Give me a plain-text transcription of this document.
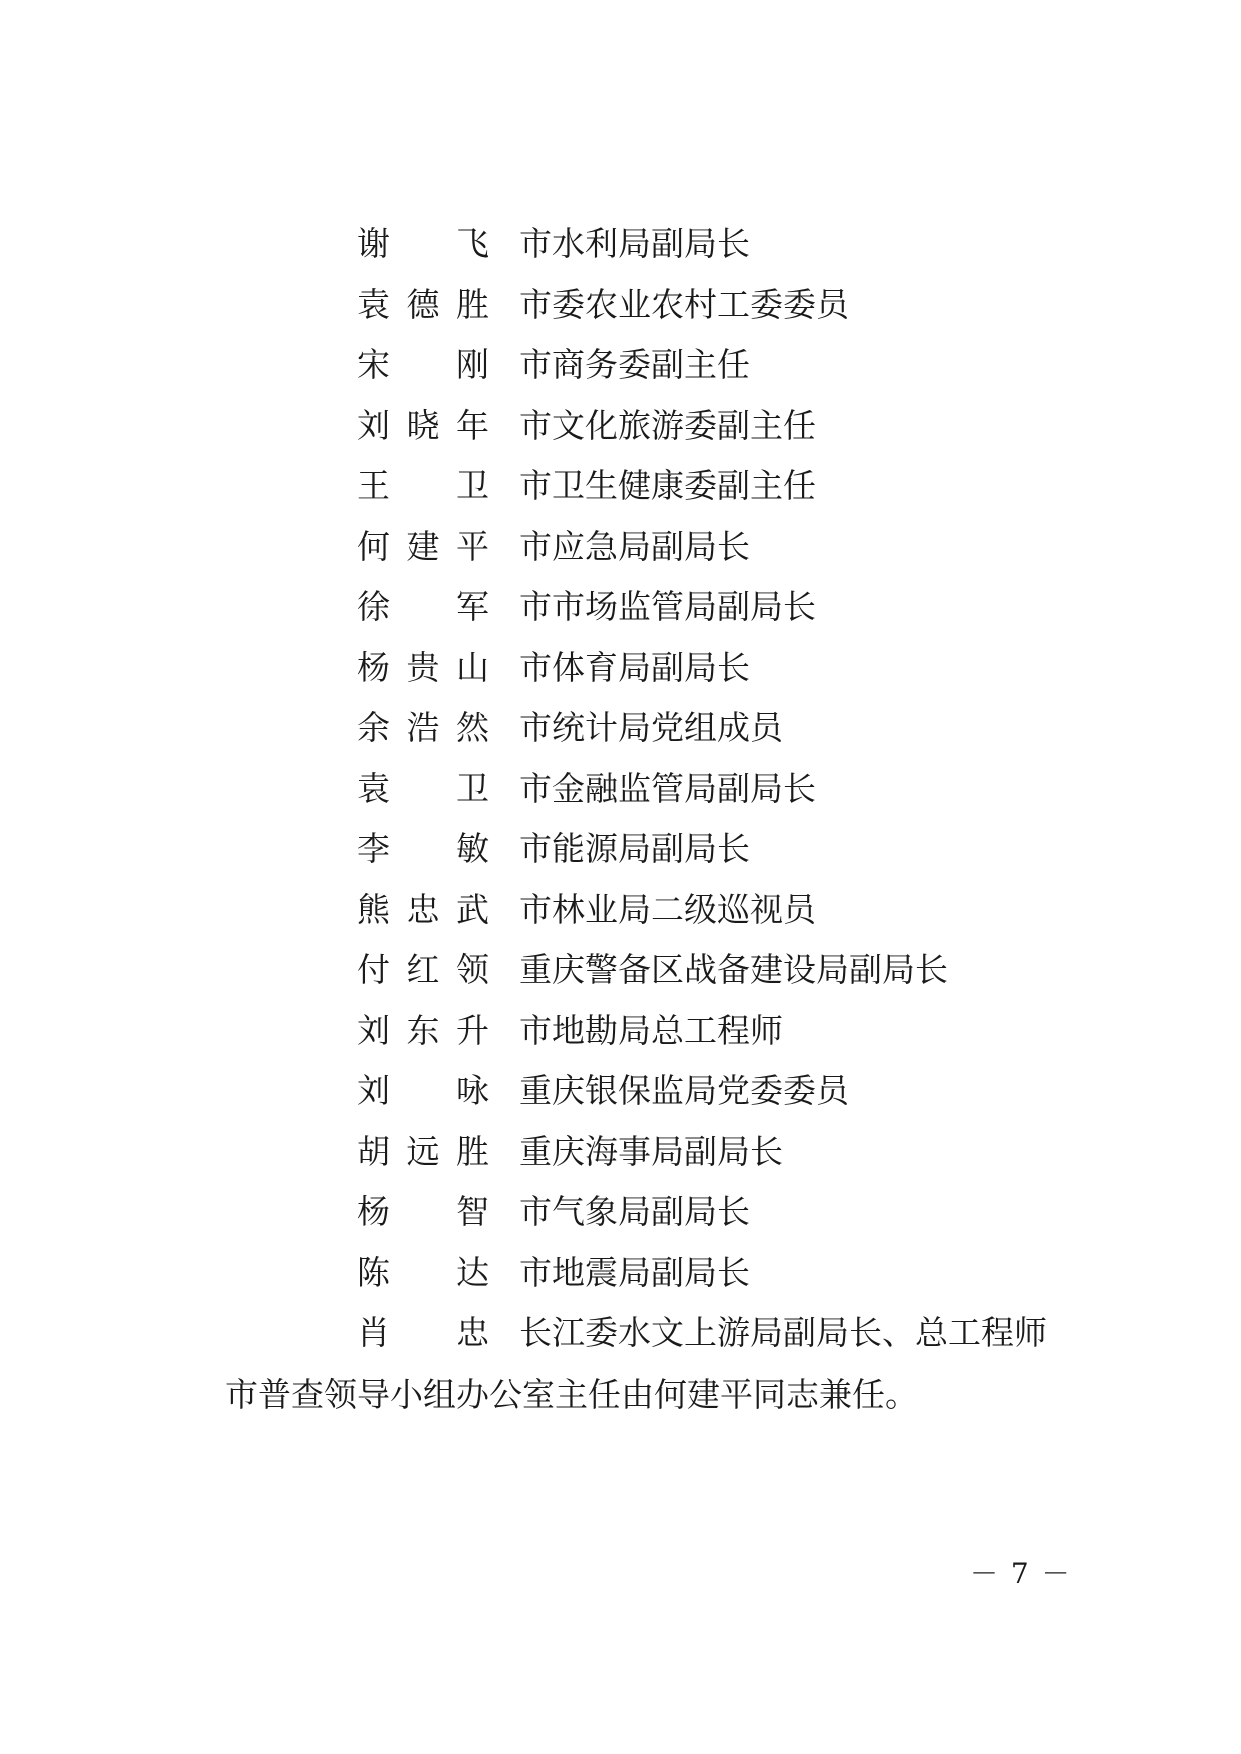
谢 飞 市水利局副局长
袁 德 胜 市委农业农村工委委员
宋 刚 市商务委副主任
刘 晓 年 市文化旅游委副主任
王 卫 市卫生健康委副主任
何 建 平 市应急局副局长
徐 军 市市场监管局副局长
杨 贵 山 市体育局副局长
余 浩 然 市统计局党组成员
袁 卫 市金融监管局副局长
李 敏 市能源局副局长
熊 忠 武 市林业局二级巡视员
付 红 领 重庆警备区战备建设局副局长
刘 东 升 市地勘局总工程师
刘 咏 重庆银保监局党委委员
胡 远 胜 重庆海事局副局长
杨 智 市气象局副局长
陈 达 市地震局副局长
肖 忠 长江委水文上游局副局长、总工程师
市普查领导小组办公室主任由何建平同志兼任。
－ 7 －
